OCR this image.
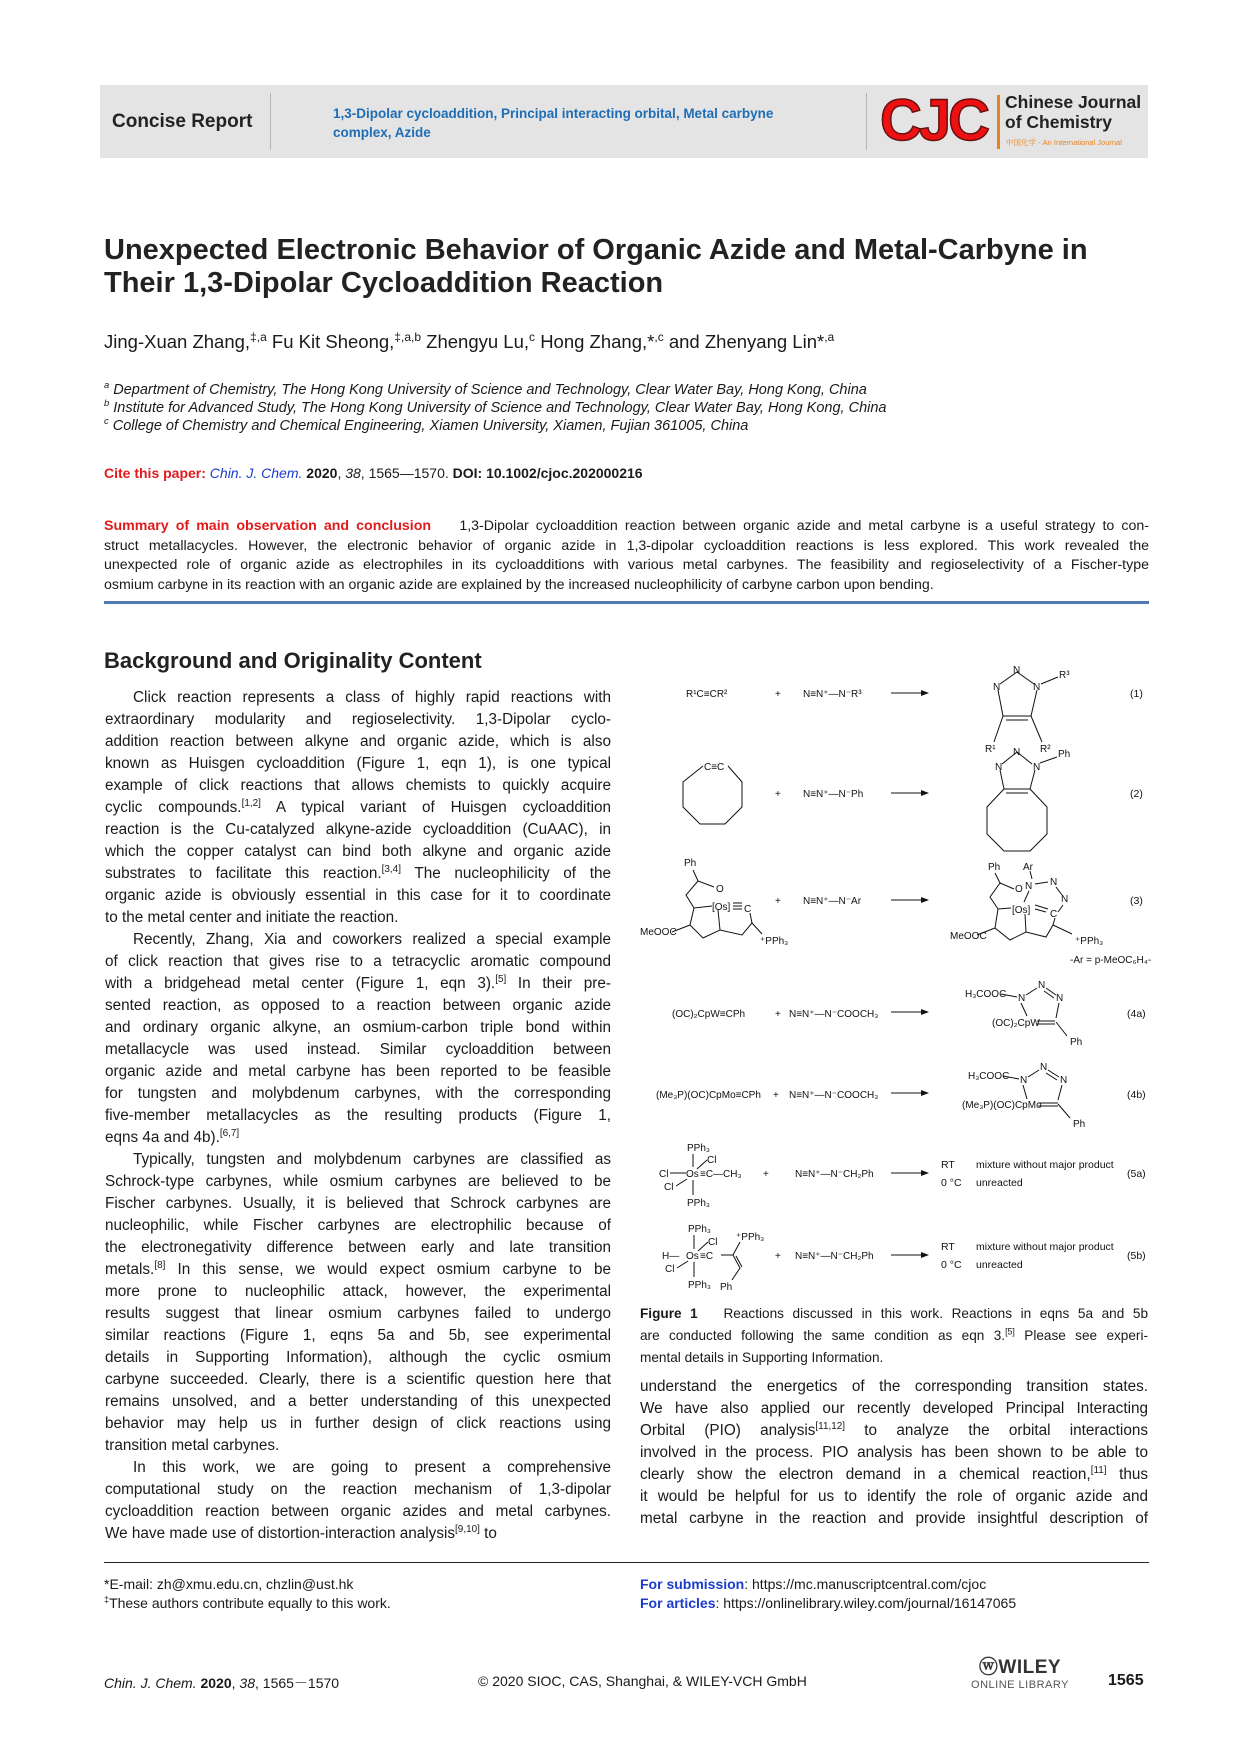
Concise Report	1,3-Dipolar cycloaddition, Principal interacting orbital, Metal carbyne complex, Azide	CJC Chinese Journal
of Chemistry
中国化学 - An International Journal
Unexpected Electronic Behavior of Organic Azide and Metal-Carbyne in Their 1,3-Dipolar Cycloaddition Reaction
Jing-Xuan Zhang,$^{\ddagger,a}$ Fu Kit Sheong,$^{\ddagger,a,b}$ Zhengyu Lu,$^c$ Hong Zhang,*$^{,c}$ and Zhenyang Lin*$^{,a}$
$^a$ Department of Chemistry, The Hong Kong University of Science and Technology, Clear Water Bay, Hong Kong, China
$^b$ Institute for Advanced Study, The Hong Kong University of Science and Technology, Clear Water Bay, Hong Kong, China
$^c$ College of Chemistry and Chemical Engineering, Xiamen University, Xiamen, Fujian 361005, China
Cite this paper: Chin. J. Chem. 2020, 38, 1565—1570. DOI: 10.1002/cjoc.202000216
Summary of main observation and conclusion 1,3-Dipolar cycloaddition reaction between organic azide and metal carbyne is a useful strategy to con-
struct metallacycles. However, the electronic behavior of organic azide in 1,3-dipolar cycloaddition reactions is less explored. This work revealed the
unexpected role of organic azide as electrophiles in its cycloadditions with various metal carbynes. The feasibility and regioselectivity of a Fischer-type
osmium carbyne in its reaction with an organic azide are explained by the increased nucleophilicity of carbyne carbon upon bending.
Background and Originality Content
Click reaction represents a class of highly rapid reactions with
extraordinary modularity and regioselectivity. 1,3-Dipolar cyclo-
addition reaction between alkyne and organic azide, which is also
known as Huisgen cycloaddition (Figure 1, eqn 1), is one typical
example of click reactions that allows chemists to quickly acquire
cyclic compounds.[1,2] A typical variant of Huisgen cycloaddition
reaction is the Cu-catalyzed alkyne-azide cycloaddition (CuAAC), in
which the copper catalyst can bind both alkyne and organic azide
substrates to facilitate this reaction.[3,4] The nucleophilicity of the
organic azide is obviously essential in this case for it to coordinate
to the metal center and initiate the reaction.
Recently, Zhang, Xia and coworkers realized a special example
of click reaction that gives rise to a tetracyclic aromatic compound
with a bridgehead metal center (Figure 1, eqn 3).[5] In their pre-
sented reaction, as opposed to a reaction between organic azide
and ordinary organic alkyne, an osmium-carbon triple bond within
metallacycle was used instead. Similar cycloaddition between
organic azide and metal carbyne has been reported to be feasible
for tungsten and molybdenum carbynes, with the corresponding
five-member metallacycles as the resulting products (Figure 1,
eqns 4a and 4b).[6,7]
Typically, tungsten and molybdenum carbynes are classified as
Schrock-type carbynes, while osmium carbynes are believed to be
Fischer carbynes. Usually, it is believed that Schrock carbynes are
nucleophilic, while Fischer carbynes are electrophilic because of
the electronegativity difference between early and late transition
metals.[8] In this sense, we would expect osmium carbyne to be
more prone to nucleophilic attack, however, the experimental
results suggest that linear osmium carbynes failed to undergo
similar reactions (Figure 1, eqns 5a and 5b, see experimental
details in Supporting Information), although the cyclic osmium
carbyne succeeded. Clearly, there is a scientific question here that
remains unsolved, and a better understanding of this unexpected
behavior may help us in further design of click reactions using
transition metal carbynes.
In this work, we are going to present a comprehensive
computational study on the reaction mechanism of 1,3-dipolar
cycloaddition reaction between organic azides and metal carbynes.
We have made use of distortion-interaction analysis[9,10] to
understand the energetics of the corresponding transition states.
We have also applied our recently developed Principal Interacting
Orbital (PIO) analysis[11,12] to analyze the orbital interactions
involved in the process. PIO analysis has been shown to be able to
clearly show the electron demand in a chemical reaction,[11] thus
it would be helpful for us to identify the role of organic azide and
metal carbyne in the reaction and provide insightful description of
R¹C≡CR²	+ N≡N⁺—N⁻R³
N
N
N
R³
R¹	R²
(1)
C≡C
+ N≡N⁺—N⁻Ph
N
N
N
Ph
(2)
Ph
O
[Os] C
MeOOC
⁺PPh₃
+ N≡N⁺—N⁻Ar
Ph Ar
N N
N
O
[Os] C
MeOOC	⁺PPh₃
-Ar = p-MeOC₆H₄-
(3)
(OC)₂CpW≡CPh	+ N≡N⁺—N⁻COOCH₃
H₃COOC N
N
N
(OC)₂CpW
Ph
(4a)
(Me₃P)(OC)CpMo≡CPh + N≡N⁺—N⁻COOCH₃
H₃COOC N
N
N
(Me₃P)(OC)CpMo
Ph
(4b)
PPh₃
Cl
Cl Os ≡C—CH₃
Cl
PPh₃
+	N≡N⁺—N⁻CH₂Ph
RT mixture without major product
0 °C unreacted
(5a)
PPh₃
Cl ⁺PPh₃
H— Os ≡C
Cl
PPh₃ Ph
+ N≡N⁺—N⁻CH₂Ph
RT mixture without major product
0 °C unreacted
(5b)
Figure 1   Reactions discussed in this work. Reactions in eqns 5a and 5b
are conducted following the same condition as eqn 3.[5] Please see experi-
mental details in Supporting Information.
*E-mail: zh@xmu.edu.cn, chzlin@ust.hk
‡These authors contribute equally to this work.
For submission: https://mc.manuscriptcentral.com/cjoc
For articles: https://onlinelibrary.wiley.com/journal/16147065
Chin. J. Chem. 2020, 38, 1565－1570	© 2020 SIOC, CAS, Shanghai, & WILEY-VCH GmbH
ⓦWILEY
ONLINE LIBRARY	1565
